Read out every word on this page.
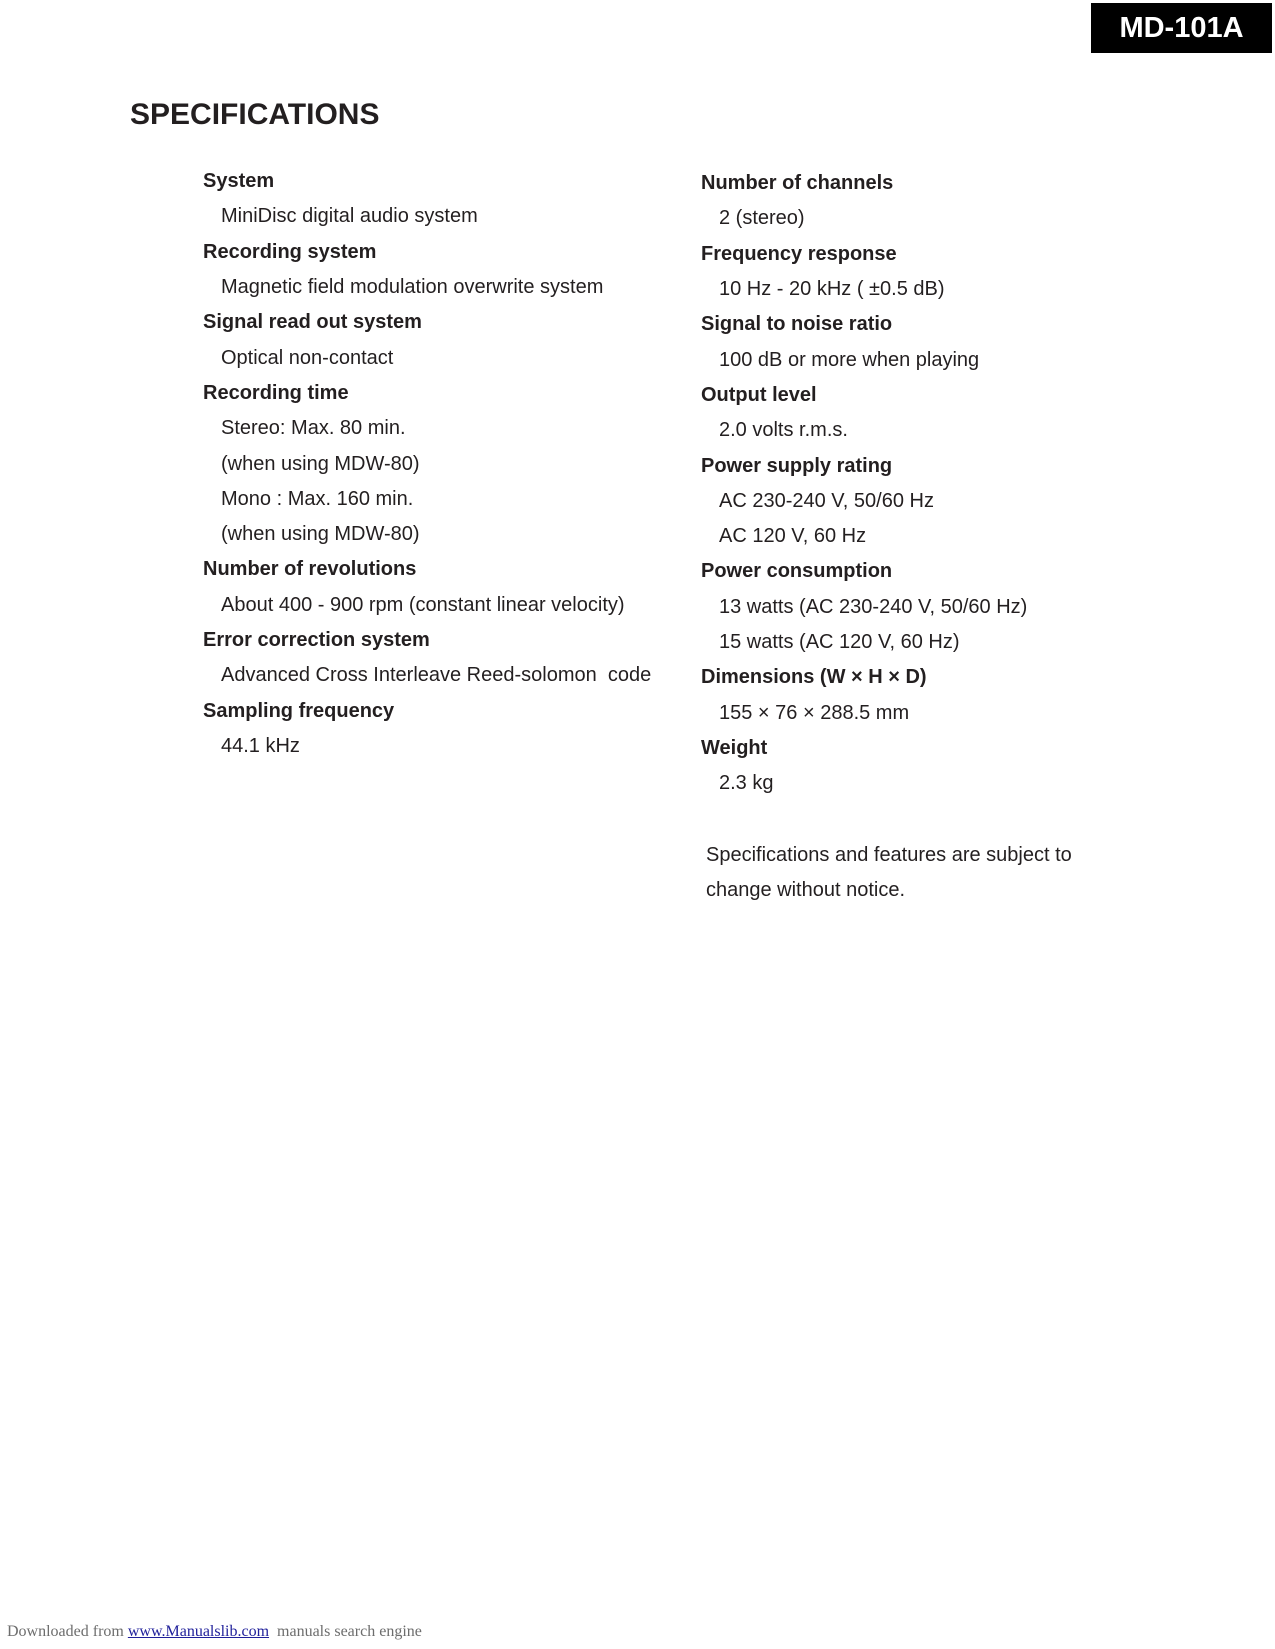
MD-101A
SPECIFICATIONS
System
MiniDisc digital audio system
Recording system
Magnetic field modulation overwrite system
Signal read out system
Optical non-contact
Recording time
Stereo: Max. 80 min.
(when using MDW-80)
Mono : Max. 160 min.
(when using MDW-80)
Number of revolutions
About 400 - 900 rpm (constant linear velocity)
Error correction system
Advanced Cross Interleave Reed-solomon  code
Sampling frequency
44.1 kHz
Number of channels
2 (stereo)
Frequency response
10 Hz - 20 kHz ( ±0.5 dB)
Signal to noise ratio
100 dB or more when playing
Output level
2.0 volts r.m.s.
Power supply rating
AC 230-240 V, 50/60 Hz
AC 120 V, 60 Hz
Power consumption
13 watts (AC 230-240 V, 50/60 Hz)
15 watts (AC 120 V, 60 Hz)
Dimensions (W × H × D)
155 × 76 × 288.5 mm
Weight
2.3 kg
Specifications and features are subject to
change without notice.
Downloaded from www.Manualslib.com  manuals search engine
